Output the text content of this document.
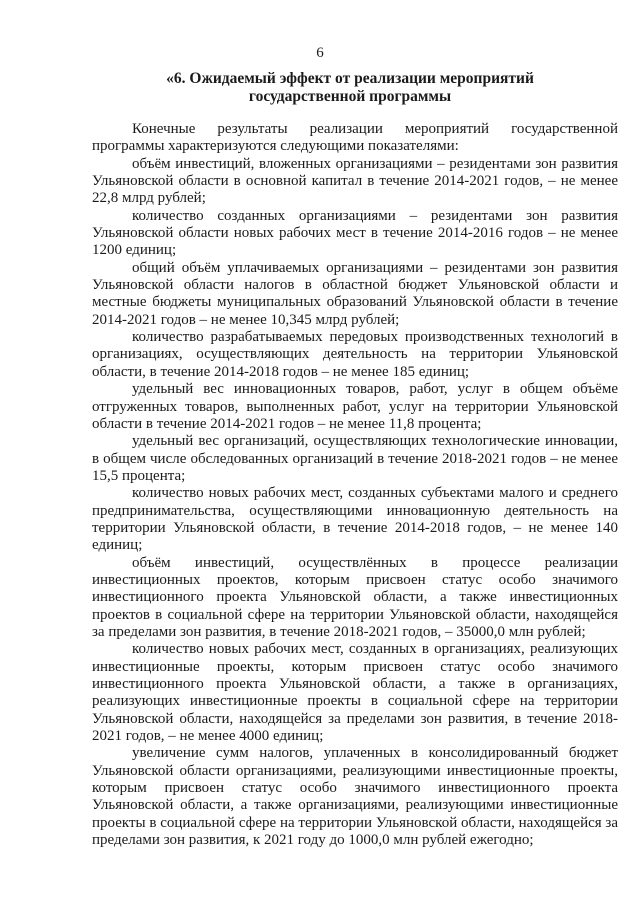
6
«6. Ожидаемый эффект от реализации мероприятий
государственной программы

Конечные результаты реализации мероприятий государственной программы характеризуются следующими показателями:

объём инвестиций, вложенных организациями – резидентами зон развития Ульяновской области в основной капитал в течение 2014-2021 годов, – не менее 22,8 млрд рублей;

количество созданных организациями – резидентами зон развития Ульяновской области новых рабочих мест в течение 2014-2016 годов – не менее 1200 единиц;

общий объём уплачиваемых организациями – резидентами зон развития Ульяновской области налогов в областной бюджет Ульяновской области и местные бюджеты муниципальных образований Ульяновской области в течение 2014-2021 годов – не менее 10,345 млрд рублей;

количество разрабатываемых передовых производственных технологий в организациях, осуществляющих деятельность на территории Ульяновской области, в течение 2014-2018 годов – не менее 185 единиц;

удельный вес инновационных товаров, работ, услуг в общем объёме отгруженных товаров, выполненных работ, услуг на территории Ульяновской области в течение 2014-2021 годов – не менее 11,8 процента;

удельный вес организаций, осуществляющих технологические инновации, в общем числе обследованных организаций в течение 2018-2021 годов – не менее 15,5 процента;

количество новых рабочих мест, созданных субъектами малого и среднего предпринимательства, осуществляющими инновационную деятельность на территории Ульяновской области, в течение 2014-2018 годов, – не менее 140 единиц;

объём инвестиций, осуществлённых в процессе реализации инвестиционных проектов, которым присвоен статус особо значимого инвестиционного проекта Ульяновской области, а также инвестиционных проектов в социальной сфере на территории Ульяновской области, находящейся за пределами зон развития, в течение 2018-2021 годов, – 35000,0 млн рублей;

количество новых рабочих мест, созданных в организациях, реализующих инвестиционные проекты, которым присвоен статус особо значимого инвестиционного проекта Ульяновской области, а также в организациях, реализующих инвестиционные проекты в социальной сфере на территории Ульяновской области, находящейся за пределами зон развития, в течение 2018-2021 годов, – не менее 4000 единиц;

увеличение сумм налогов, уплаченных в консолидированный бюджет Ульяновской области организациями, реализующими инвестиционные проекты, которым присвоен статус особо значимого инвестиционного проекта Ульяновской области, а также организациями, реализующими инвестиционные проекты в социальной сфере на территории Ульяновской области, находящейся за пределами зон развития, к 2021 году до 1000,0 млн рублей ежегодно;
